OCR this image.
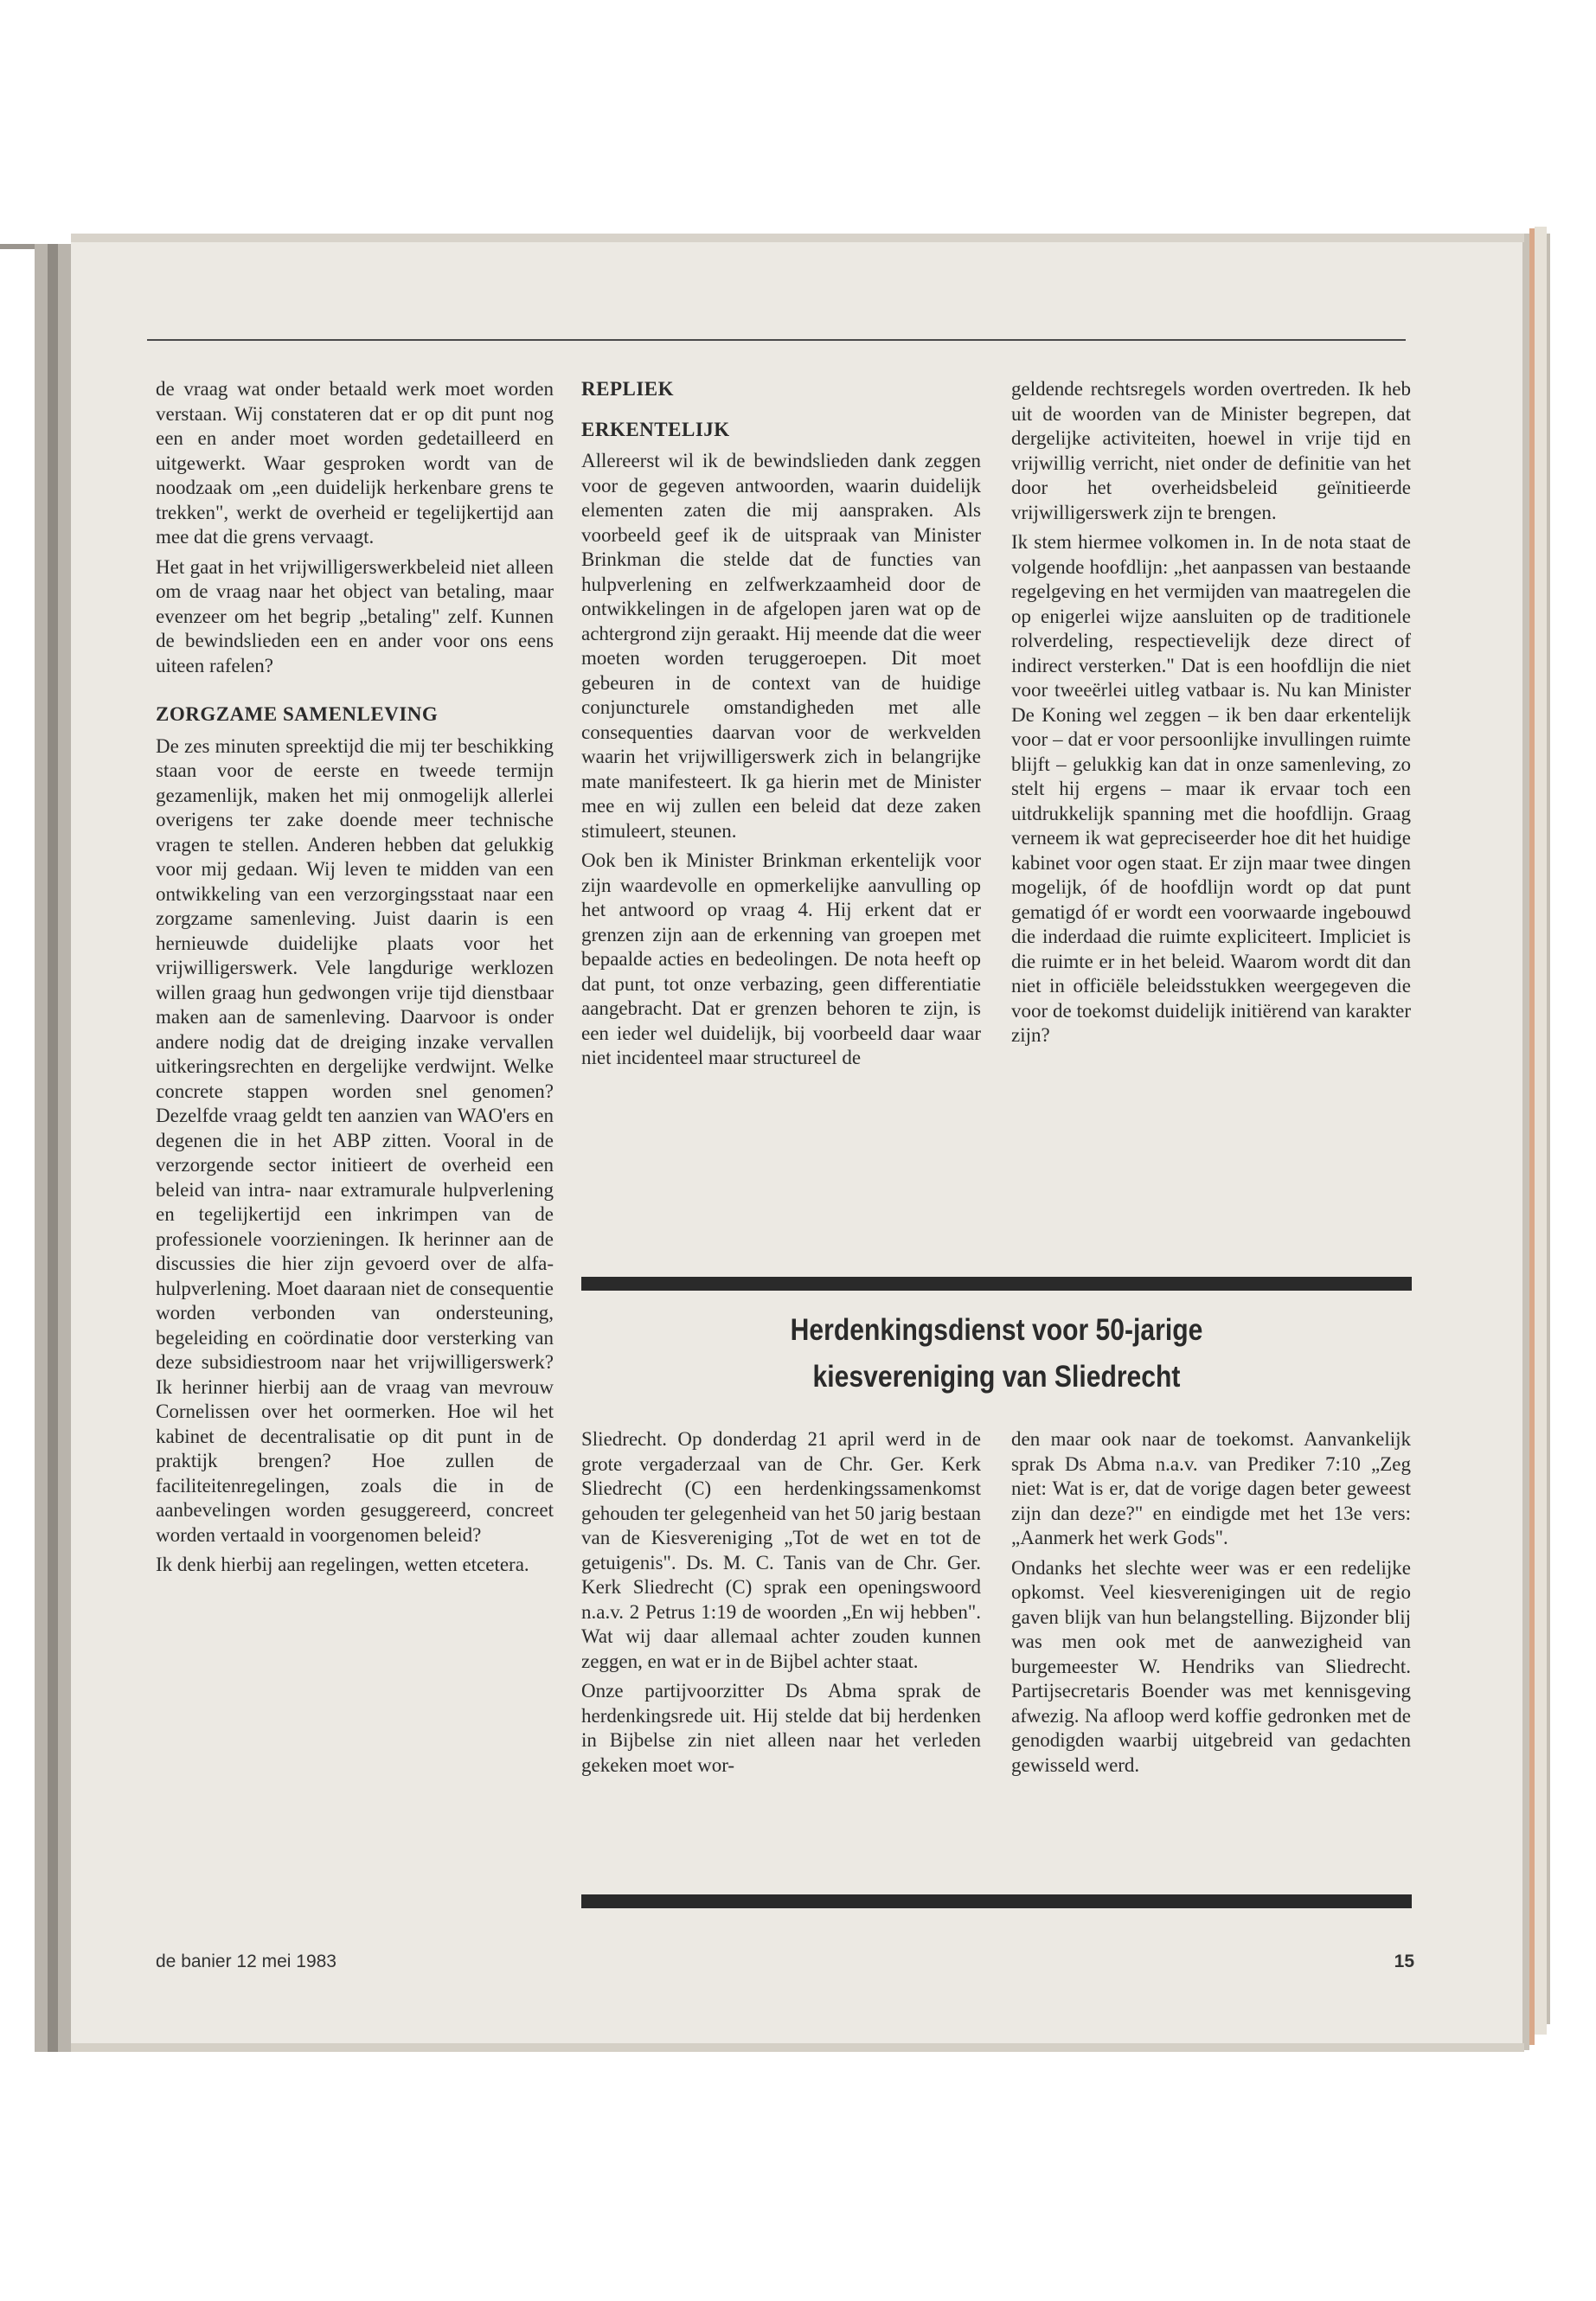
de vraag wat onder betaald werk moet worden verstaan. Wij constateren dat er op dit punt nog een en ander moet worden gedetailleerd en uitgewerkt. Waar gesproken wordt van de noodzaak om „een duidelijk herkenbare grens te trekken", werkt de overheid er tegelijkertijd aan mee dat die grens vervaagt.

Het gaat in het vrijwilligerswerkbeleid niet alleen om de vraag naar het object van betaling, maar evenzeer om het begrip „betaling" zelf. Kunnen de bewindslieden een en ander voor ons eens uiteen rafelen?

ZORGZAME SAMENLEVING

De zes minuten spreektijd die mij ter beschikking staan voor de eerste en tweede termijn gezamenlijk, maken het mij onmogelijk allerlei overigens ter zake doende meer technische vragen te stellen. Anderen hebben dat gelukkig voor mij gedaan. Wij leven te midden van een ontwikkeling van een verzorgingsstaat naar een zorgzame samenleving. Juist daarin is een hernieuwde duidelijke plaats voor het vrijwilligerswerk. Vele langdurige werklozen willen graag hun gedwongen vrije tijd dienstbaar maken aan de samenleving. Daarvoor is onder andere nodig dat de dreiging inzake vervallen uitkeringsrechten en dergelijke verdwijnt. Welke concrete stappen worden snel genomen? Dezelfde vraag geldt ten aanzien van WAO'ers en degenen die in het ABP zitten. Vooral in de verzorgende sector initieert de overheid een beleid van intra- naar extramurale hulpverlening en tegelijkertijd een inkrimpen van de professionele voorzieningen. Ik herinner aan de discussies die hier zijn gevoerd over de alfa-hulpverlening. Moet daaraan niet de consequentie worden verbonden van ondersteuning, begeleiding en coördinatie door versterking van deze subsidiestroom naar het vrijwilligerswerk? Ik herinner hierbij aan de vraag van mevrouw Cornelissen over het oormerken. Hoe wil het kabinet de decentralisatie op dit punt in de praktijk brengen? Hoe zullen de faciliteitenregelingen, zoals die in de aanbevelingen worden gesuggereerd, concreet worden vertaald in voorgenomen beleid?

Ik denk hierbij aan regelingen, wetten etcetera.

REPLIEK
ERKENTELIJK

Allereerst wil ik de bewindslieden dank zeggen voor de gegeven antwoorden, waarin duidelijk elementen zaten die mij aanspraken. Als voorbeeld geef ik de uitspraak van Minister Brinkman die stelde dat de functies van hulpverlening en zelfwerkzaamheid door de ontwikkelingen in de afgelopen jaren wat op de achtergrond zijn geraakt. Hij meende dat die weer moeten worden teruggeroepen. Dit moet gebeuren in de context van de huidige conjuncturele omstandigheden met alle consequenties daarvan voor de werkvelden waarin het vrijwilligerswerk zich in belangrijke mate manifesteert. Ik ga hierin met de Minister mee en wij zullen een beleid dat deze zaken stimuleert, steunen.

Ook ben ik Minister Brinkman erkentelijk voor zijn waardevolle en opmerkelijke aanvulling op het antwoord op vraag 4. Hij erkent dat er grenzen zijn aan de erkenning van groepen met bepaalde acties en bedeolingen. De nota heeft op dat punt, tot onze verbazing, geen differentiatie aangebracht. Dat er grenzen behoren te zijn, is een ieder wel duidelijk, bij voorbeeld daar waar niet incidenteel maar structureel de

geldende rechtsregels worden overtreden. Ik heb uit de woorden van de Minister begrepen, dat dergelijke activiteiten, hoewel in vrije tijd en vrijwillig verricht, niet onder de definitie van het door het overheidsbeleid geïnitieerde vrijwilligerswerk zijn te brengen.

Ik stem hiermee volkomen in. In de nota staat de volgende hoofdlijn: „het aanpassen van bestaande regelgeving en het vermijden van maatregelen die op enigerlei wijze aansluiten op de traditionele rolverdeling, respectievelijk deze direct of indirect versterken." Dat is een hoofdlijn die niet voor tweeërlei uitleg vatbaar is. Nu kan Minister De Koning wel zeggen – ik ben daar erkentelijk voor – dat er voor persoonlijke invullingen ruimte blijft – gelukkig kan dat in onze samenleving, zo stelt hij ergens – maar ik ervaar toch een uitdrukkelijk spanning met die hoofdlijn. Graag verneem ik wat gepreciseerder hoe dit het huidige kabinet voor ogen staat. Er zijn maar twee dingen mogelijk, óf de hoofdlijn wordt op dat punt gematigd óf er wordt een voorwaarde ingebouwd die inderdaad die ruimte expliciteert. Impliciet is die ruimte er in het beleid. Waarom wordt dit dan niet in officiële beleidsstukken weergegeven die voor de toekomst duidelijk initiërend van karakter zijn?

Herdenkingsdienst voor 50-jarige
kiesvereniging van Sliedrecht

Sliedrecht. Op donderdag 21 april werd in de grote vergaderzaal van de Chr. Ger. Kerk Sliedrecht (C) een herdenkingssamenkomst gehouden ter gelegenheid van het 50 jarig bestaan van de Kiesvereniging „Tot de wet en tot de getuigenis". Ds. M. C. Tanis van de Chr. Ger. Kerk Sliedrecht (C) sprak een openingswoord n.a.v. 2 Petrus 1:19 de woorden „En wij hebben". Wat wij daar allemaal achter zouden kunnen zeggen, en wat er in de Bijbel achter staat.

Onze partijvoorzitter Ds Abma sprak de herdenkingsrede uit. Hij stelde dat bij herdenken in Bijbelse zin niet alleen naar het verleden gekeken moet wor-

den maar ook naar de toekomst. Aanvankelijk sprak Ds Abma n.a.v. van Prediker 7:10 „Zeg niet: Wat is er, dat de vorige dagen beter geweest zijn dan deze?" en eindigde met het 13e vers: „Aanmerk het werk Gods".

Ondanks het slechte weer was er een redelijke opkomst. Veel kiesverenigingen uit de regio gaven blijk van hun belangstelling. Bijzonder blij was men ook met de aanwezigheid van burgemeester W. Hendriks van Sliedrecht. Partijsecretaris Boender was met kennisgeving afwezig. Na afloop werd koffie gedronken met de genodigden waarbij uitgebreid van gedachten gewisseld werd.

de banier 12 mei 1983	15
